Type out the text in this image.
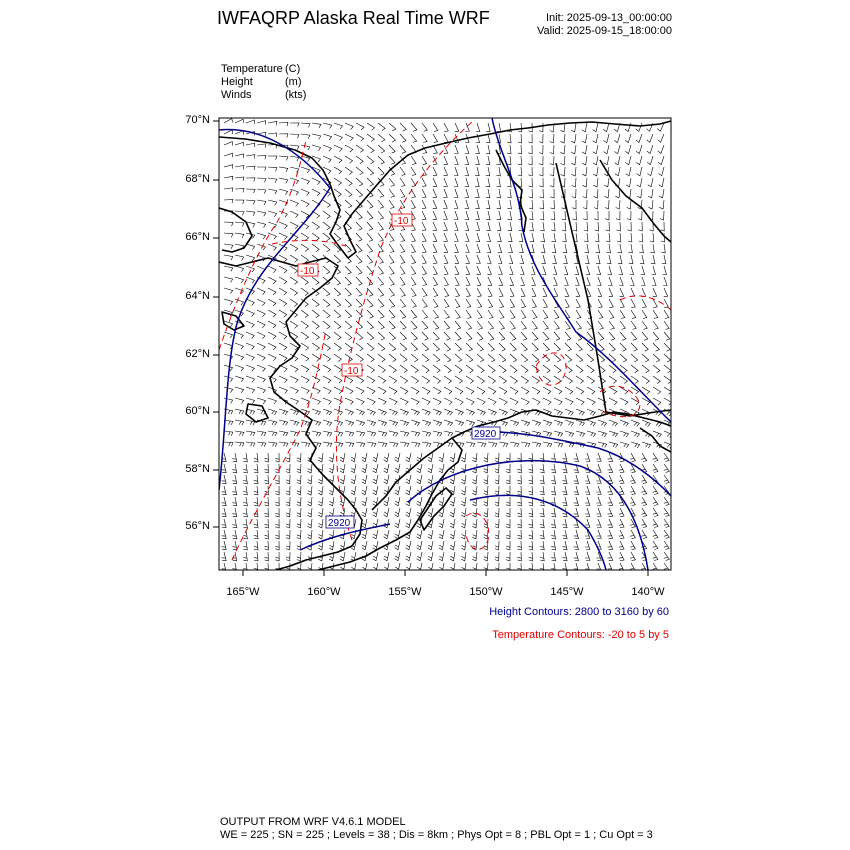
2920
2920
-10
-10
-10
IWFAQRP Alaska Real Time WRF	Init: 2025-09-13_00:00:00
Valid: 2025-09-15_18:00:00
Temperature (C)
Height	(m)
Winds	(kts)
70°N
68°N
66°N
64°N
62°N
60°N
58°N
56°N
165°W	160°W	155°W	150°W	145°W	140°W
Height Contours: 2800 to 3160 by 60
Temperature Contours: -20 to 5 by 5
OUTPUT FROM WRF V4.6.1 MODEL
WE = 225 ; SN = 225 ; Levels = 38 ; Dis = 8km ; Phys Opt = 8 ; PBL Opt = 1 ; Cu Opt = 3
